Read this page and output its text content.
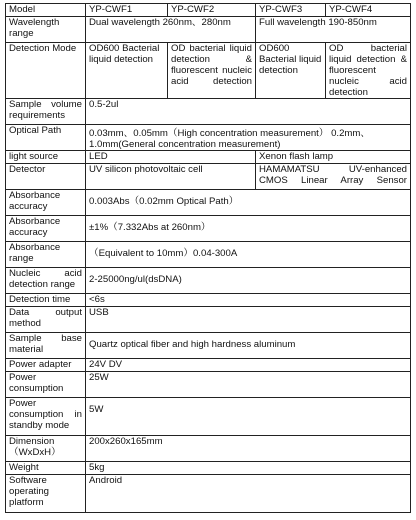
Model	YP-CWF1	YP-CWF2	YP-CWF3	YP-CWF4
Wavelength range	Dual wavelength 260nm、280nm		Full wavelength 190-850nm	
Detection Mode	OD600 Bacterial liquid detection	OD bacterial liquid detection & fluorescent nucleic acid detection	OD600 Bacterial liquid detection	OD bacterial liquid detection & fluorescent nucleic acid detection
Sample volume requirements	0.5-2ul			
Optical Path	0.03mm、0.05mm（High concentration measurement） 0.2mm、1.0mm(General concentration measurement)			
light source	LED		Xenon flash lamp	
Detector	UV silicon photovoltaic cell		HAMAMATSU UV-enhanced CMOS Linear Array Sensor	
Absorbance accuracy	0.003Abs（0.02mm Optical Path）			
Absorbance accuracy	±1%（7.332Abs at 260nm）			
Absorbance range	（Equivalent to 10mm）0.04-300A			
Nucleic acid detection range	2-25000ng/ul(dsDNA)			
Detection time	<6s			
Data output method	USB			
Sample base material	Quartz optical fiber and high hardness aluminum			
Power adapter	24V DV			
Power consumption	25W			
Power consumption in standby mode	5W			
Dimension（WxDxH）	200x260x165mm			
Weight	5kg			
Software operating platform	Android			
